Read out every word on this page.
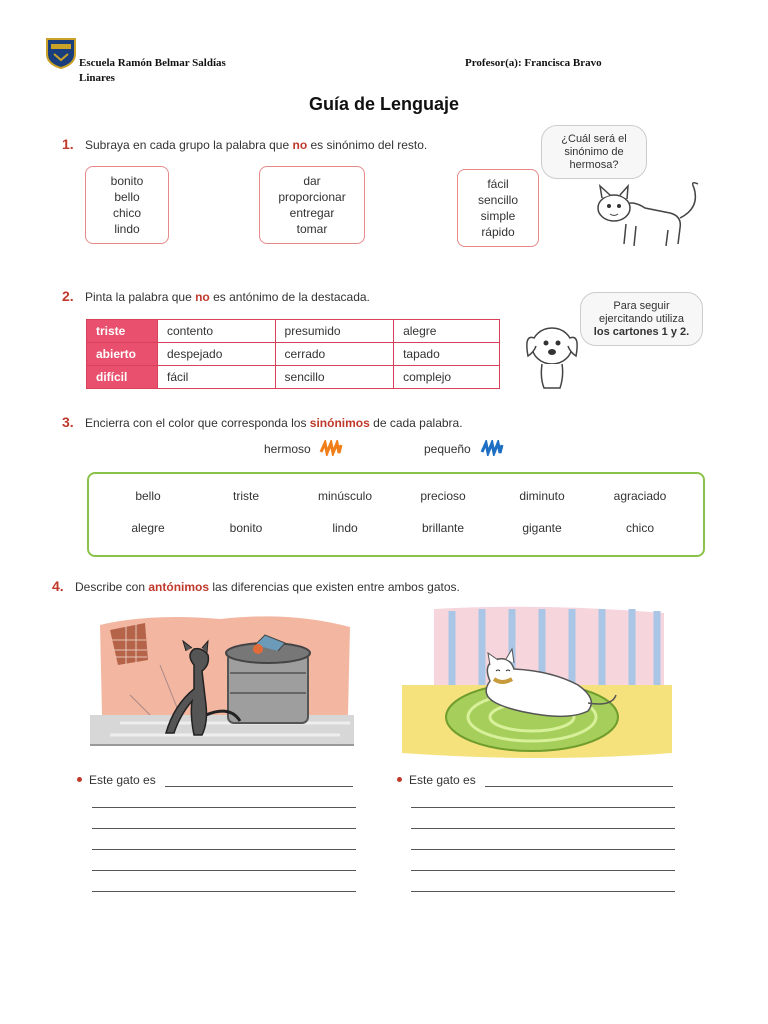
Escuela Ramón Belmar Saldías
Linares
Profesor(a): Francisca Bravo
Guía de Lenguaje
1. Subraya en cada grupo la palabra que no es sinónimo del resto.
bonito
bello
chico
lindo
dar
proporcionar
entregar
tomar
fácil
sencillo
simple
rápido
¿Cuál será el
sinónimo de
hermosa?
2. Pinta la palabra que no es antónimo de la destacada.
triste	contento	presumido	alegre
abierto	despejado	cerrado	tapado
difícil	fácil	sencillo	complejo
Para seguir
ejercitando utiliza
los cartones 1 y 2.
3. Encierra con el color que corresponda los sinónimos de cada palabra.
hermoso	pequeño
bello	triste	minúsculo	precioso	diminuto	agraciado
alegre	bonito	lindo	brillante	gigante	chico
4. Describe con antónimos las diferencias que existen entre ambos gatos.
Este gato es	Este gato es
